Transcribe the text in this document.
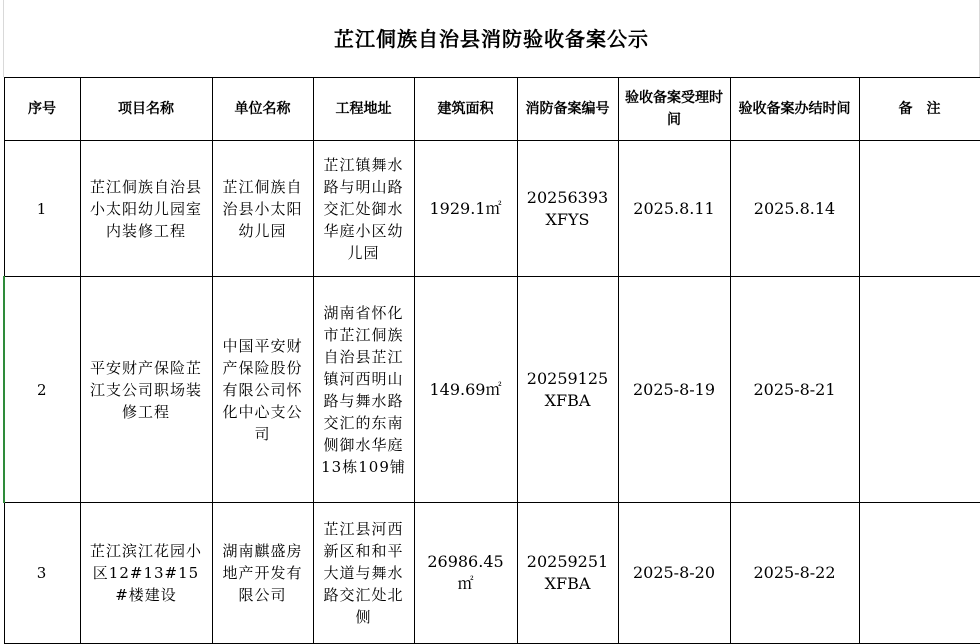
芷江侗族自治县消防验收备案公示
序号	项目名称	单位名称	工程地址	建筑面积	消防备案编号	验收备案受理时间	验收备案办结时间	备　注
1	芷江侗族自治县小太阳幼儿园室内装修工程	芷江侗族自治县小太阳幼儿园	芷江镇舞水路与明山路交汇处御水华庭小区幼儿园	1929.1㎡	20256393XFYS	2025.8.11	2025.8.14	
2	平安财产保险芷江支公司职场装修工程	中国平安财产保险股份有限公司怀化中心支公司	湖南省怀化市芷江侗族自治县芷江镇河西明山路与舞水路交汇的东南侧御水华庭13栋109铺	149.69㎡	20259125XFBA	2025-8-19	2025-8-21	
3	芷江滨江花园小区12#13#15#楼建设	湖南麒盛房地产开发有限公司	芷江县河西新区和和平大道与舞水路交汇处北侧	26986.45㎡	20259251XFBA	2025-8-20	2025-8-22	
